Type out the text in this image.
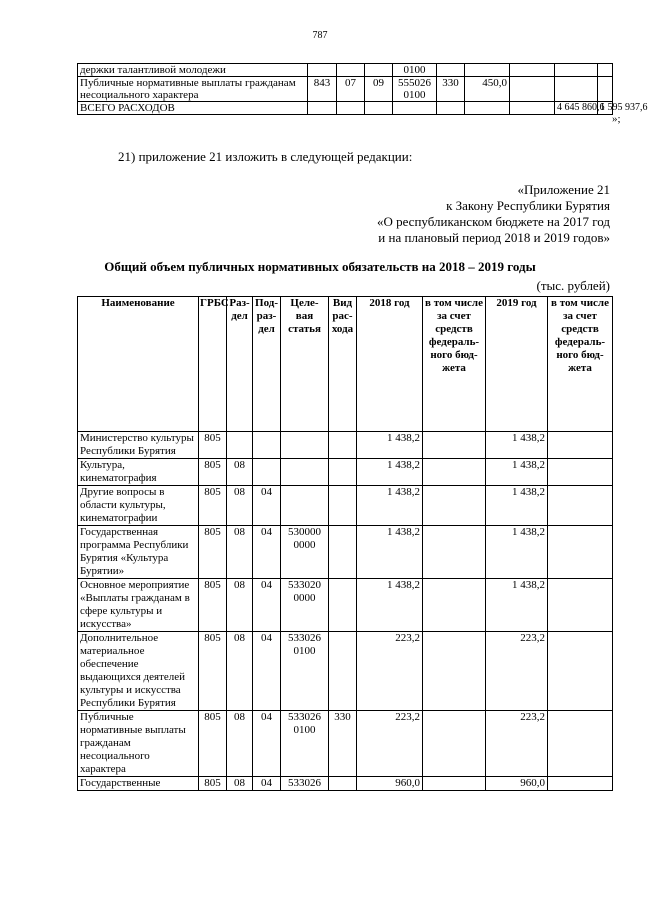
787
держки талантливой молодежи				0100					
Публичные нормативные выплаты гражданам несоциального характера	843	07	09	555026 0100	330	450,0			
ВСЕГО РАСХОДОВ								4 645 860,6	1 595 937,6
»;
21) приложение 21 изложить в следующей редакции:
«Приложение 21
к Закону Республики Бурятия
«О республиканском бюджете на 2017 год
и на плановый период 2018 и 2019 годов»
Общий объем публичных нормативных обязательств на 2018 – 2019 годы
(тыс. рублей)
Наименование	ГРБС	Раз-дел	Под-раз-дел	Целе-вая статья	Вид рас-хода	2018 год	в том числе за счет средств федераль-ного бюд-жета	2019 год	в том числе за счет средств федераль-ного бюд-жета
Министерство культуры Республики Бурятия	805					1 438,2		1 438,2	
Культура, кинематография	805	08				1 438,2		1 438,2	
Другие вопросы в области культуры, кинематографии	805	08	04			1 438,2		1 438,2	
Государственная программа Республики Бурятия «Культура Бурятии»	805	08	04	530000 0000		1 438,2		1 438,2	
Основное мероприятие «Выплаты гражданам в сфере культуры и искусства»	805	08	04	533020 0000		1 438,2		1 438,2	
Дополнительное материальное обеспечение выдающихся деятелей культуры и искусства Республики Бурятия	805	08	04	533026 0100		223,2		223,2	
Публичные нормативные выплаты гражданам несоциального характера	805	08	04	533026 0100	330	223,2		223,2	
Государственные	805	08	04	533026		960,0		960,0	
